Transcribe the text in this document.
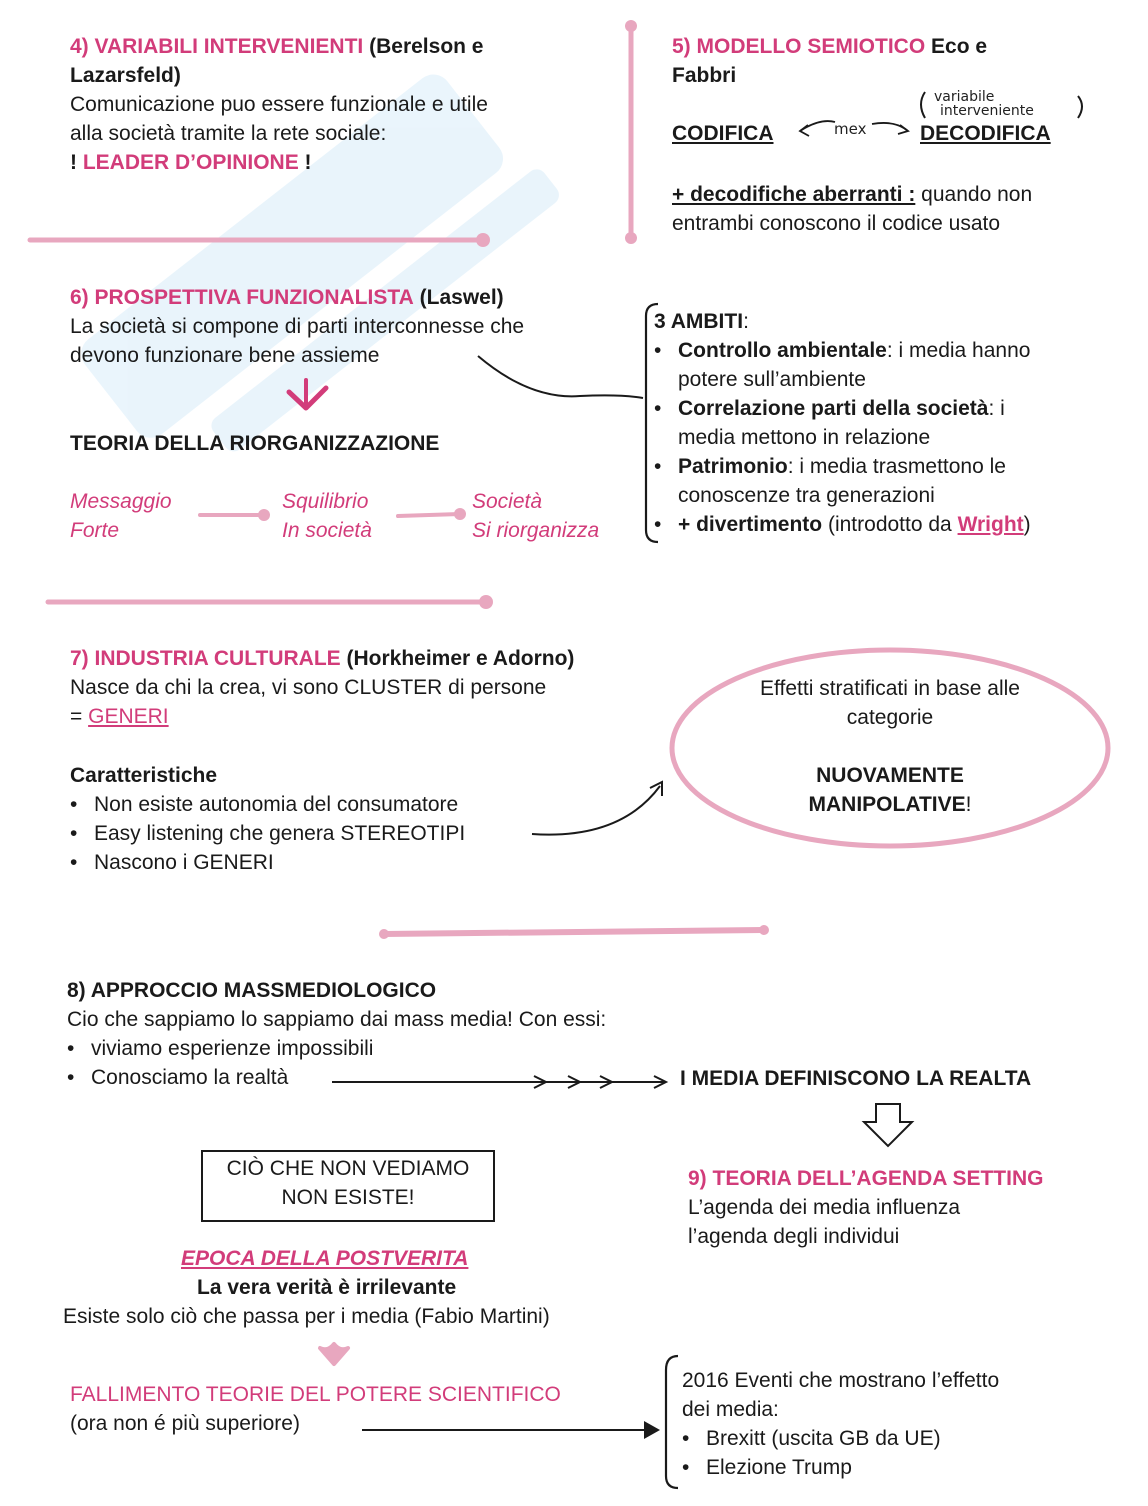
4) VARIABILI INTERVENIENTI (Berelson e
Lazarsfeld)
Comunicazione puo essere funzionale e utile
alla società tramite la rete sociale:
! LEADER D’OPINIONE !
5) MODELLO SEMIOTICO Eco e
Fabbri
variabile
interveniente
CODIFICA	mex	DECODIFICA
+ decodifiche aberranti : quando non
entrambi conoscono il codice usato
6) PROSPETTIVA FUNZIONALISTA (Laswel)
La società si compone di parti interconnesse che
devono funzionare bene assieme
TEORIA DELLA RIORGANIZZAZIONE
Messaggio
Forte
Squilibrio
In società
Società
Si riorganizza
3 AMBITI:
• Controllo ambientale: i media hanno
potere sull’ambiente
• Correlazione parti della società: i
media mettono in relazione
• Patrimonio: i media trasmettono le
conoscenze tra generazioni
• + divertimento (introdotto da Wright)
7) INDUSTRIA CULTURALE (Horkheimer e Adorno)
Nasce da chi la crea, vi sono CLUSTER di persone
= GENERI
Caratteristiche
• Non esiste autonomia del consumatore
• Easy listening che genera STEREOTIPI
• Nascono i GENERI
Effetti stratificati in base alle
categorie

NUOVAMENTE
MANIPOLATIVE!
8) APPROCCIO MASSMEDIOLOGICO
Cio che sappiamo lo sappiamo dai mass media! Con essi:
• viviamo esperienze impossibili
• Conosciamo la realtà	I MEDIA DEFINISCONO LA REALTA
CIÒ CHE NON VEDIAMO
NON ESISTE!
EPOCA DELLA POSTVERITA
La vera verità è irrilevante
Esiste solo ciò che passa per i media (Fabio Martini)
FALLIMENTO TEORIE DEL POTERE SCIENTIFICO
(ora non é più superiore)
9) TEORIA DELL’AGENDA SETTING
L’agenda dei media influenza
l’agenda degli individui
2016 Eventi che mostrano l’effetto
dei media:
• Brexitt (uscita GB da UE)
• Elezione Trump
